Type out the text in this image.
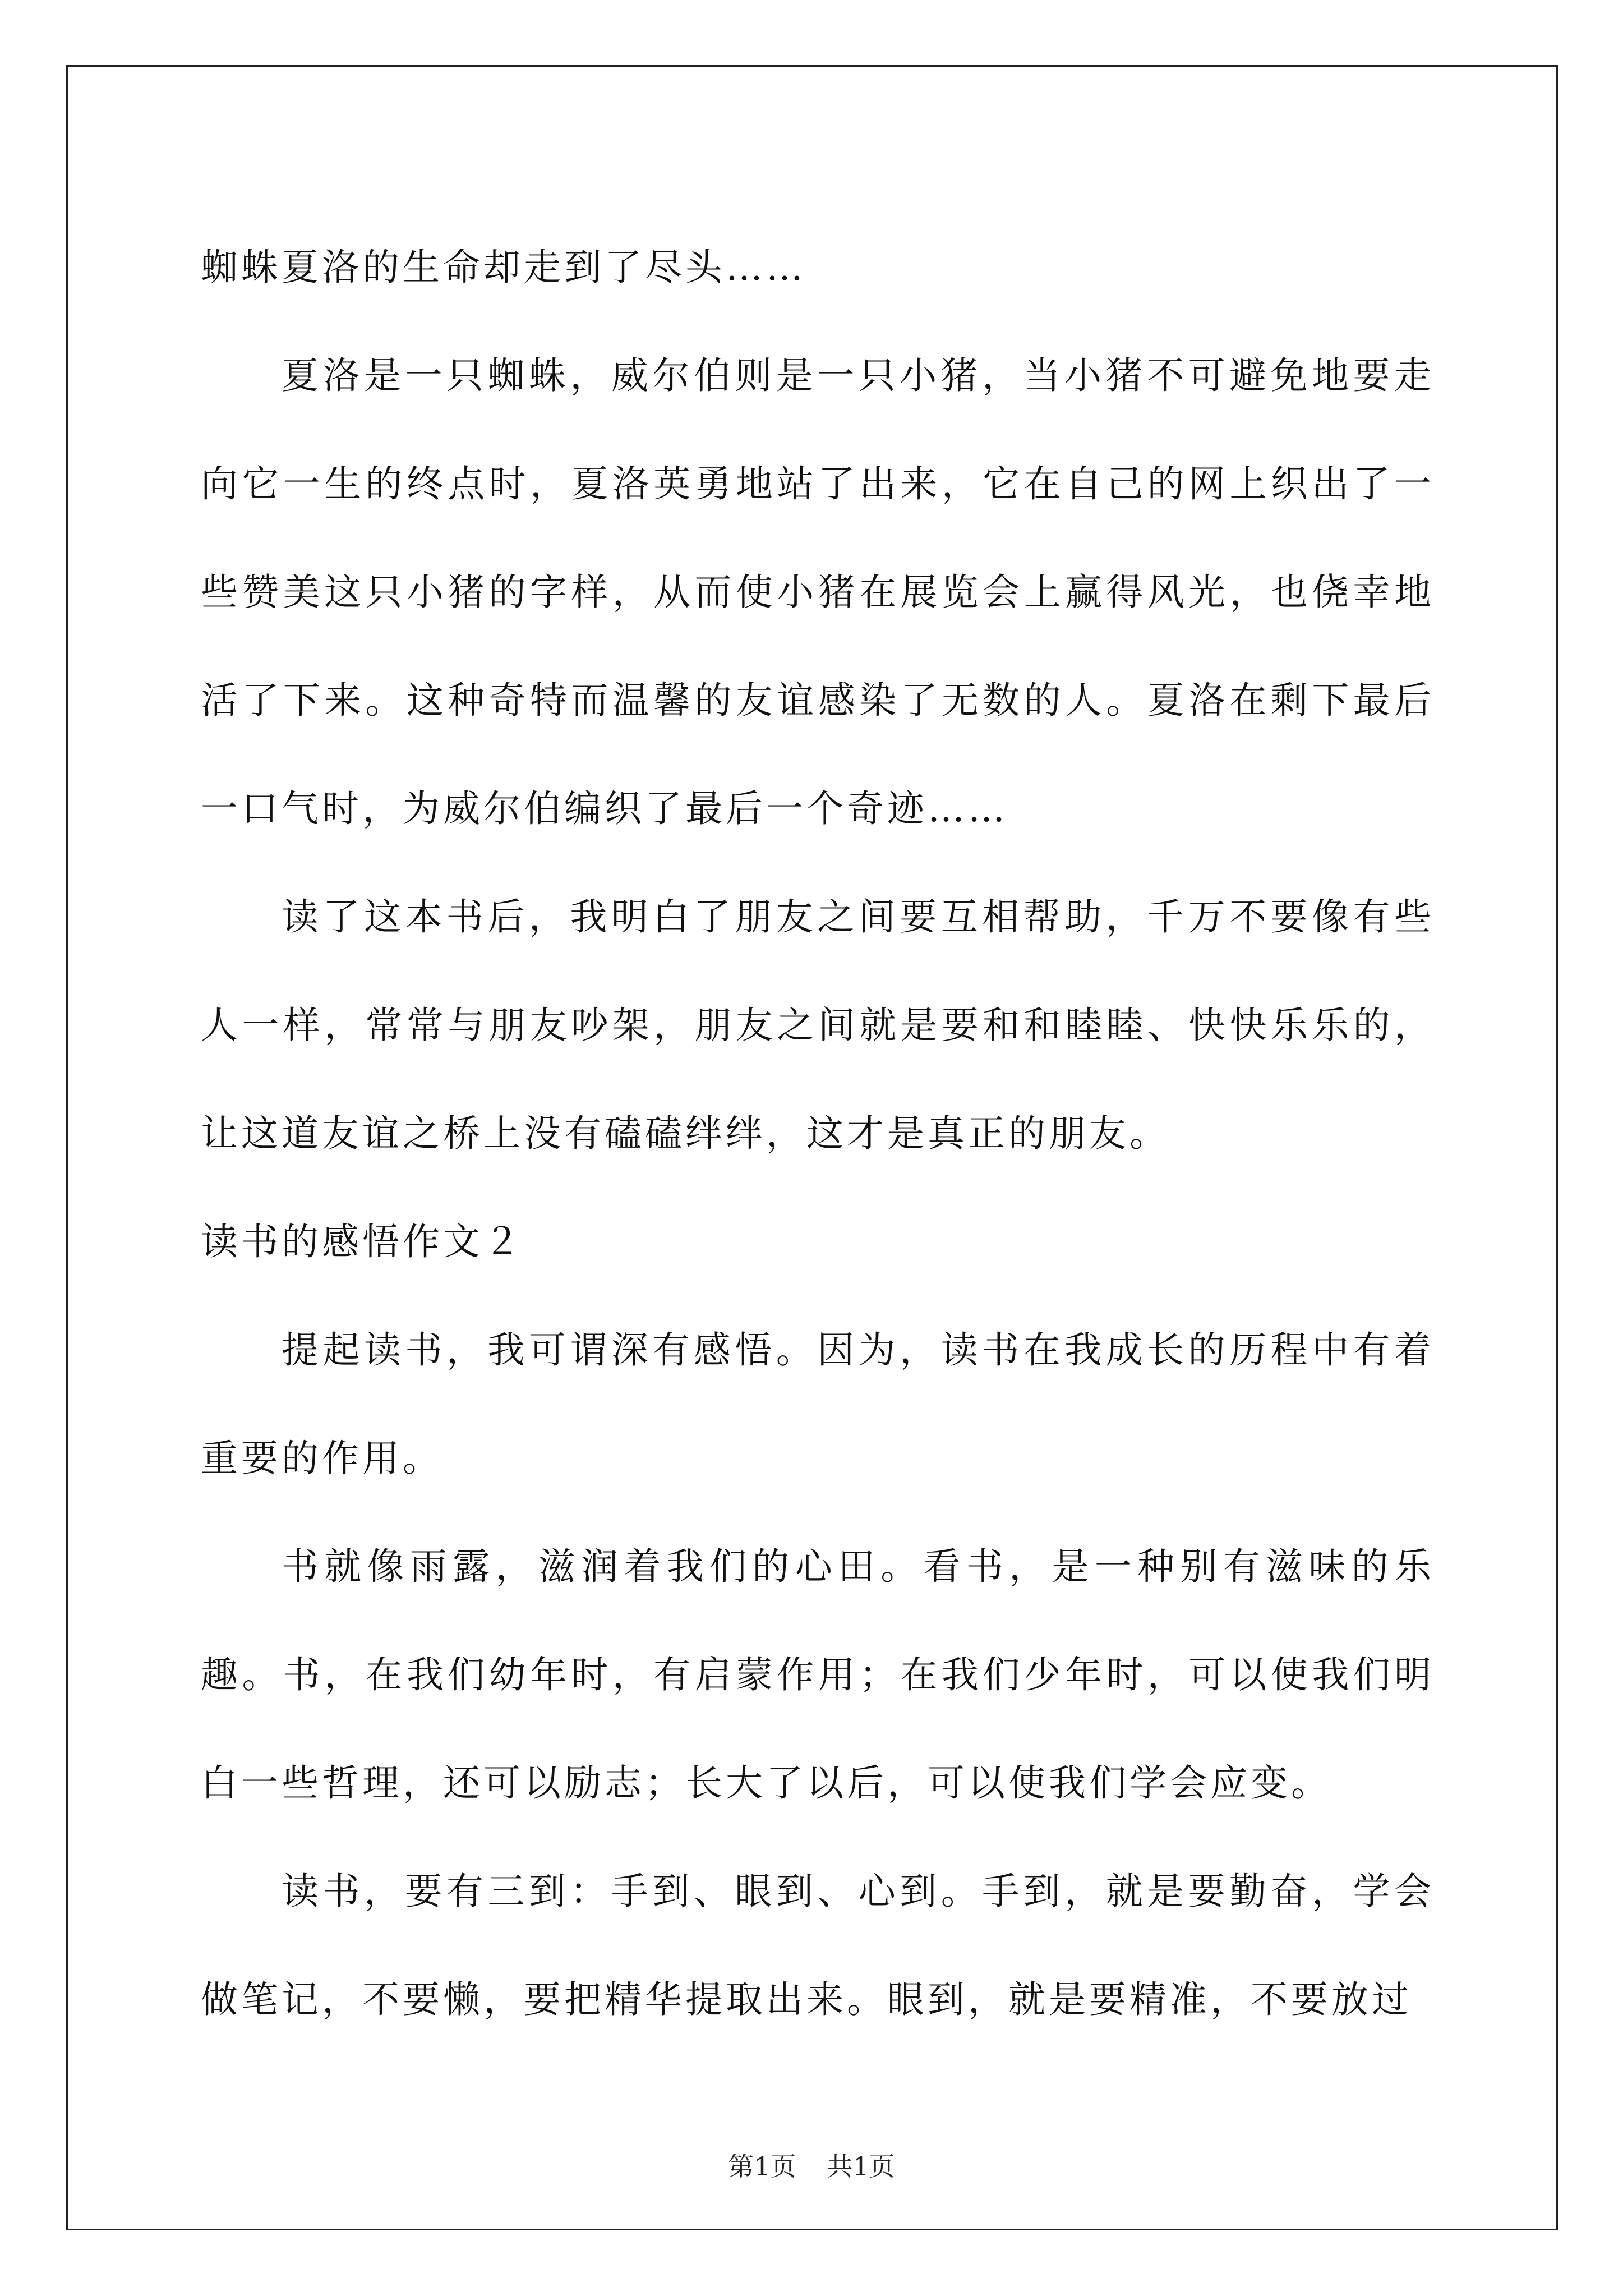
蜘蛛夏洛的生命却走到了尽头……

夏洛是一只蜘蛛，威尔伯则是一只小猪，当小猪不可避免地要走向它一生的终点时，夏洛英勇地站了出来，它在自己的网上织出了一些赞美这只小猪的字样，从而使小猪在展览会上赢得风光，也侥幸地活了下来。这种奇特而温馨的友谊感染了无数的人。夏洛在剩下最后一口气时，为威尔伯编织了最后一个奇迹……

读了这本书后，我明白了朋友之间要互相帮助，千万不要像有些人一样，常常与朋友吵架，朋友之间就是要和和睦睦、快快乐乐的，让这道友谊之桥上没有磕磕绊绊，这才是真正的朋友。

读书的感悟作文２

提起读书，我可谓深有感悟。因为，读书在我成长的历程中有着重要的作用。

书就像雨露，滋润着我们的心田。看书，是一种别有滋味的乐趣。书，在我们幼年时，有启蒙作用；在我们少年时，可以使我们明白一些哲理，还可以励志；长大了以后，可以使我们学会应变。

读书，要有三到：手到、眼到、心到。手到，就是要勤奋，学会做笔记，不要懒，要把精华提取出来。眼到，就是要精准，不要放过

第1页 共1页
